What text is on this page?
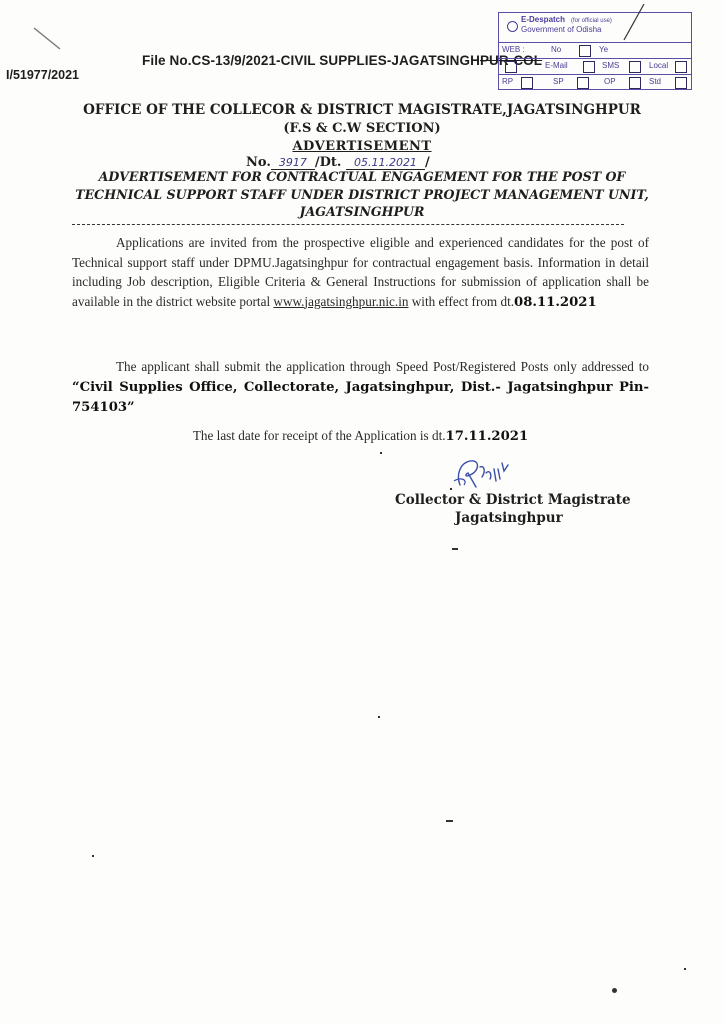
File No.CS-13/9/2021-CIVIL SUPPLIES-JAGATSINGHPUR-COL
I/51977/2021
E-Despatch (for official use)
Government of Odisha
WEB :	No	Ye
E-Mail	SMS	Local
RP	SP	OP	Std
OFFICE OF THE COLLECOR & DISTRICT MAGISTRATE,JAGATSINGHPUR
(F.S & C.W SECTION)
ADVERTISEMENT
No. 3917 /Dt. 05.11.2021 /
ADVERTISEMENT FOR CONTRACTUAL ENGAGEMENT FOR THE POST OF TECHNICAL SUPPORT STAFF UNDER DISTRICT PROJECT MANAGEMENT UNIT, JAGATSINGHPUR
Applications are invited from the prospective eligible and experienced candidates for the post of Technical support staff under DPMU.Jagatsinghpur for contractual engagement basis. Information in detail including Job description, Eligible Criteria & General Instructions for submission of application shall be available in the district website portal www.jagatsinghpur.nic.in with effect from dt.08.11.2021
The applicant shall submit the application through Speed Post/Registered Posts only addressed to “Civil Supplies Office, Collectorate, Jagatsinghpur, Dist.- Jagatsinghpur Pin- 754103”
The last date for receipt of the Application is dt.17.11.2021
Collector & District Magistrate
Jagatsinghpur
